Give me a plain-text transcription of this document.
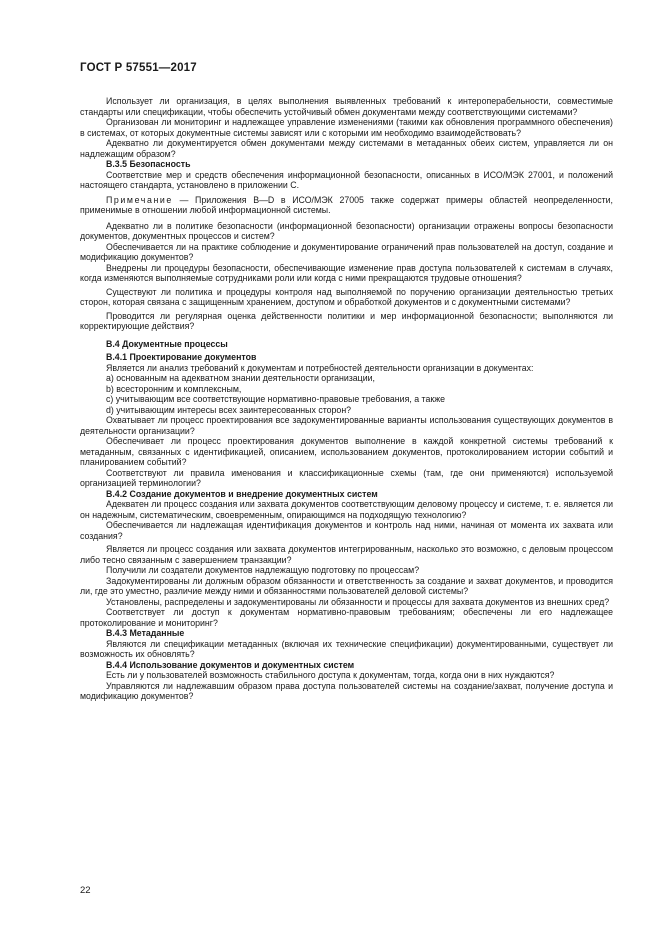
ГОСТ Р 57551—2017

Использует ли организация, в целях выполнения выявленных требований к интероперабельности, совместимые стандарты или спецификации, чтобы обеспечить устойчивый обмен документами между соответствующими системами?

Организован ли мониторинг и надлежащее управление изменениями (такими как обновления программного обеспечения) в системах, от которых документные системы зависят или с которыми им необходимо взаимодействовать?

Адекватно ли документируется обмен документами между системами в метаданных обеих систем, управляется ли он надлежащим образом?

В.3.5 Безопасность

Соответствие мер и средств обеспечения информационной безопасности, описанных в ИСО/МЭК 27001, и положений настоящего стандарта, установлено в приложении С.

Примечание — Приложения В—D в ИСО/МЭК 27005 также содержат примеры областей неопределенности, применимые в отношении любой информационной системы.

Адекватно ли в политике безопасности (информационной безопасности) организации отражены вопросы безопасности документов, документных процессов и систем?

Обеспечивается ли на практике соблюдение и документирование ограничений прав пользователей на доступ, создание и модификацию документов?

Внедрены ли процедуры безопасности, обеспечивающие изменение прав доступа пользователей к системам в случаях, когда изменяются выполняемые сотрудниками роли или когда с ними прекращаются трудовые отношения?

Существуют ли политика и процедуры контроля над выполняемой по поручению организации деятельностью третьих сторон, которая связана с защищенным хранением, доступом и обработкой документов и с документными системами?

Проводится ли регулярная оценка действенности политики и мер информационной безопасности; выполняются ли корректирующие действия?

В.4 Документные процессы
В.4.1 Проектирование документов

Является ли анализ требований к документам и потребностей деятельности организации в документах:

а) основанным на адекватном знании деятельности организации,

b) всесторонним и комплексным,

с) учитывающим все соответствующие нормативно-правовые требования, а также

d) учитывающим интересы всех заинтересованных сторон?

Охватывает ли процесс проектирования все задокументированные варианты использования существующих документов в деятельности организации?

Обеспечивает ли процесс проектирования документов выполнение в каждой конкретной системы требований к метаданным, связанных с идентификацией, описанием, использованием документов, протоколированием истории событий и планированием событий?

Соответствуют ли правила именования и классификационные схемы (там, где они применяются) используемой организацией терминологии?

В.4.2 Создание документов и внедрение документных систем

Адекватен ли процесс создания или захвата документов соответствующим деловому процессу и системе, т. е. является ли он надежным, систематическим, своевременным, опирающимся на подходящую технологию?

Обеспечивается ли надлежащая идентификация документов и контроль над ними, начиная от момента их захвата или создания?

Является ли процесс создания или захвата документов интегрированным, насколько это возможно, с деловым процессом либо тесно связанным с завершением транзакции?

Получили ли создатели документов надлежащую подготовку по процессам?

Задокументированы ли должным образом обязанности и ответственность за создание и захват документов, и проводится ли, где это уместно, различие между ними и обязанностями пользователей деловой системы?

Установлены, распределены и задокументированы ли обязанности и процессы для захвата документов из внешних сред?

Соответствует ли доступ к документам нормативно-правовым требованиям; обеспечены ли его надлежащее протоколирование и мониторинг?

В.4.3 Метаданные

Являются ли спецификации метаданных (включая их технические спецификации) документированными, существует ли возможность их обновлять?

В.4.4 Использование документов и документных систем

Есть ли у пользователей возможность стабильного доступа к документам, тогда, когда они в них нуждаются?

Управляются ли надлежавшим образом права доступа пользователей системы на создание/захват, получение доступа и модификацию документов?

22
